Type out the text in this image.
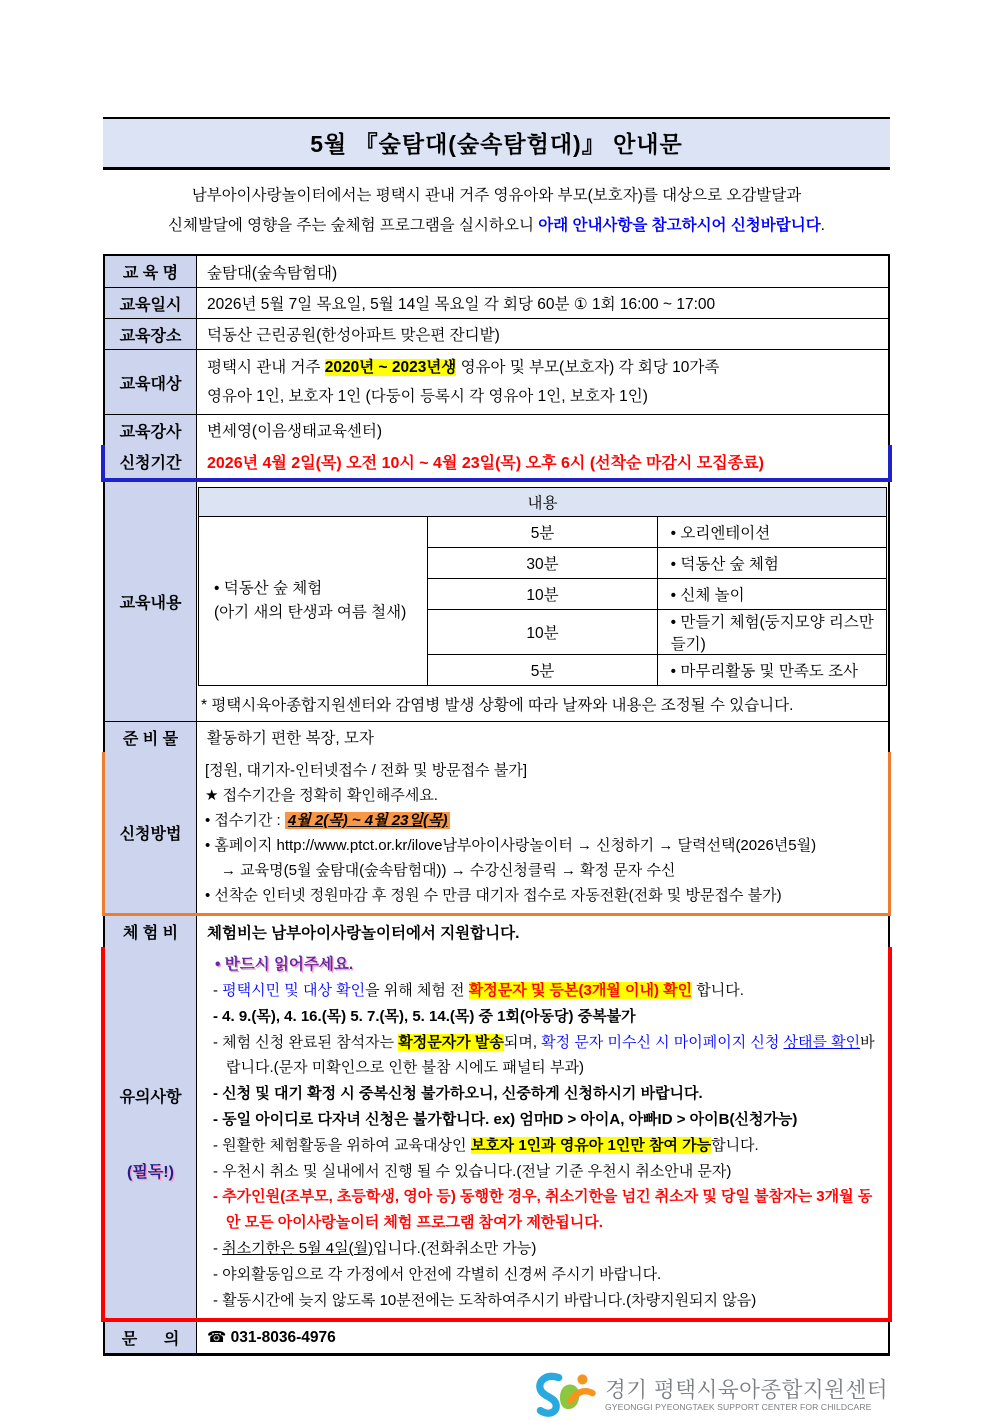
5월 『숲탐대(숲속탐험대)』 안내문
남부아이사랑놀이터에서는 평택시 관내 거주 영유아와 부모(보호자)를 대상으로 오감발달과
신체발달에 영향을 주는 숲체험 프로그램을 실시하오니 아래 안내사항을 참고하시어 신청바랍니다.
교 육 명	숲탐대(숲속탐험대)
교육일시	2026년 5월 7일 목요일, 5월 14일 목요일 각 회당 60분 ① 1회 16:00 ~ 17:00
교육장소	덕동산 근린공원(한성아파트 맞은편 잔디밭)
교육대상
평택시 관내 거주 2020년 ~ 2023년생 영유아 및 부모(보호자) 각 회당 10가족
영유아 1인, 보호자 1인 (다둥이 등록시 각 영유아 1인, 보호자 1인)
교육강사	변세영(이음생태교육센터)
신청기간	2026년 4월 2일(목) 오전 10시 ~ 4월 23일(목) 오후 6시 (선착순 마감시 모집종료)
교육내용
내용		

• 덕동산 숲 체험
(아기 새의 탄생과 여름 철새)	5분	• 오리엔테이션
	30분	• 덕동산 숲 체험
	10분	• 신체 놀이
	10분	• 만들기 체험(둥지모양 리스만들기)
	5분	• 마무리활동 및 만족도 조사
* 평택시육아종합지원센터와 감염병 발생 상황에 따라 날짜와 내용은 조정될 수 있습니다.
준 비 물	활동하기 편한 복장, 모자
신청방법
[정원, 대기자-인터넷접수 / 전화 및 방문접수 불가]
★ 접수기간을 정확히 확인해주세요.
• 접수기간 : 4월 2(목) ~ 4월 23일(목)
• 홈페이지 http://www.ptct.or.kr/ilove남부아이사랑놀이터 → 신청하기 → 달력선택(2026년5월)
→ 교육명(5월 숲탐대(숲속탐험대)) → 수강신청클릭 → 확정 문자 수신
• 선착순 인터넷 정원마감 후 정원 수 만큼 대기자 접수로 자동전환(전화 및 방문접수 불가)
체 험 비	체험비는 남부아이사랑놀이터에서 지원합니다.
유의사항
(필독!)
• 반드시 읽어주세요.
- 평택시민 및 대상 확인을 위해 체험 전 확정문자 및 등본(3개월 이내) 확인 합니다.
- 4. 9.(목), 4. 16.(목) 5. 7.(목), 5. 14.(목) 중 1회(아동당) 중복불가
- 체험 신청 완료된 참석자는 확정문자가 발송되며, 확정 문자 미수신 시 마이페이지 신청 상태를 확인바랍니다.(문자 미확인으로 인한 불참 시에도 패널티 부과)
- 신청 및 대기 확정 시 중복신청 불가하오니, 신중하게 신청하시기 바랍니다.
- 동일 아이디로 다자녀 신청은 불가합니다. ex) 엄마ID > 아이A, 아빠ID > 아이B(신청가능)
- 원활한 체험활동을 위하여 교육대상인 보호자 1인과 영유아 1인만 참여 가능합니다.
- 우천시 취소 및 실내에서 진행 될 수 있습니다.(전날 기준 우천시 취소안내 문자)
- 추가인원(조부모, 초등학생, 영아 등) 동행한 경우, 취소기한을 넘긴 취소자 및 당일 불참자는 3개월 동안 모든 아이사랑놀이터 체험 프로그램 참여가 제한됩니다.
- 취소기한은 5월 4일(월)입니다.(전화취소만 가능)
- 야외활동임으로 각 가정에서 안전에 각별히 신경써 주시기 바랍니다.
- 활동시간에 늦지 않도록 10분전에는 도착하여주시기 바랍니다.(차량지원되지 않음)
문      의	☎ 031-8036-4976
경기 평택시육아종합지원센터
GYEONGGI PYEONGTAEK SUPPORT CENTER FOR CHILDCARE
